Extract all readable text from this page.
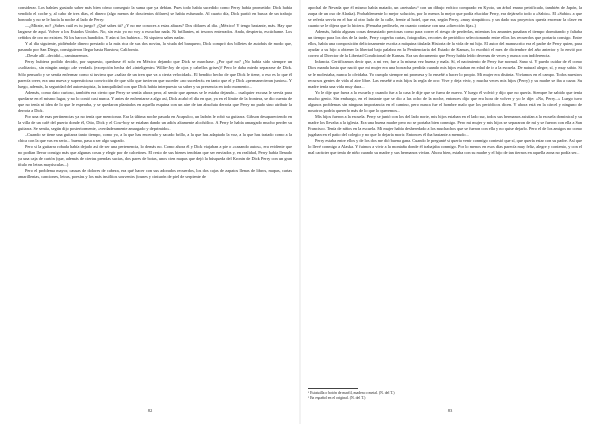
considerar. Los bahúes gustado saber más bien cómo conseguir la suma que ya debían. Pues todo había sucedido como Perry había prometido: Dick había vendido el coche y, al cabo de tres días, el dinero (algo menos de doscientos dólares) se había esfumado. Al cuarto día, Dick partió en busca de un trabajo honrado y no se le hacía la noche al lado de Perry:

—¿Mírate, no? ¿Sabes cuál es tu juego? ¿Qué sabes tú? ¿Y no me conoces a estas alturas? Dos dólares al día. ¡México! Y tengo bastante, más. Hay que largarse de aquí. Volver a los Estados Unidos. No, sin esto yo no voy a escuchar nada. Ni brillantes, ni tesoros enterrados. Anda, despierta, escúchame. Los ceñidos de oro no existen. Ni los barcos hundidos. Y aún si los hubiera... Ni siquiera sabes nadar.

Y al día siguiente, pidiéndole dinero prestado a la más rica de sus dos novias, la viuda del banquero, Dick compró dos billetes de autobús de modo que, pasando por San Diego, consiguieron llegar hasta Barstow, California.

–Desde allí –decidió–, caminaremos.

Perry hubiera podido decidir, por supuesto, quedarse él solo en México dejando que Dick se marchase. ¿Por qué no? ¿No había sido siempre un «solitario», sin ningún amigo «de verdad» (excepción hecha del «inteligente» Willie-Joy de ojos y cabellos grises)? Pero le daba miedo separarse de Dick. Sólo pensarlo y se sentía enfermar como si tuviera que «saltar de un tren que va a cierta velocidad». El bendito hecho de que Dick le tiene, o eso es lo que él parecía creer, era una nueva y supersticiosa convicción de que sólo que tuvieron que suceder «no sucederá» en tanto que el y Dick «permanecieran juntos». Y luego, además, la seguridad del autoestopista, la tranquilidad con que Dick había interpuesto su saber y su presencia en todo momento...

Además, como dato curioso, también era cierto que Perry se sentía ahora peor, al sentir que apenas se le estaba dejando... cualquier excusa le servía para quedarse en el mismo lugar, y no lo contó casi nunca. Y antes de enfrentarse a algo así, Dick acabó el día en que, ya en el límite de la frontera, se dio cuenta de que no tenía ni idea de lo que le esperaba, y se quedaron plantados en aquella esquina con un aire de tan absoluta derrota que Perry no pudo sino atribuir la derrota a Dick.

Por una de esas pertinencias ya no tenía que mencionar. Era la última noche pasada en Acapulco, un ladrón le robó su guitarra. Gibson desapareciendo en la villa de un café del puerto donde él, Otto, Dick y el Cow-boy se estaban dando un adiós altamente alcohólico. A Perry le había amargado mucho perder su guitarra. Se sentía, según dijo posteriormente, «verdaderamente amargado y deprimido».

–Cuando se tiene una guitarra tanto tiempo, como yo, a la que has encerado y sacado brillo, a la que has adaptado la voz, a la que has tratado como a la chica con la que vas en serio... bueno, pasa a ser algo sagrado.

Pero si la guitarra robada había dejado así de ser una pertenencia, lo demás no. Como ahora él y Dick viajaban a pie o «cazando autos», era evidente que no podían llevar consigo más que algunas cosas y elegir por de calcetines. El resto de sus bienes tendrían que ser enviados y, en realidad, Perry había llenado ya una caja de cartón (que, además de ciertas prendas sucias, dos pares de botas, unos cien mapas que dejó la búsqueda del Kronin de Dick Perry con un gran título en letras mayúsculas...)

Pero el problema mayor, causas de dolores de cabeza, era qué hacer con sus adorados recuerdos, los dos cajas de zapatos llenas de libros, mapas, cartas amarillentas, canciones, letras, poesías y los más insólitos souvenirs (trunes y cinturón de piel de serpiente de

82

apochal de Nevada que él mismo había matado, un «netsuke»¹ con un dibujo erótico comprado en Kyoto, un árbol enano petrificado, también de Japón, la zarpa de un oso de Alaska). Probablemente lo mejor solución, por lo menos la mejor que podía elucidar Perry, era dejárselo todo a «Sabio». El «Sabio» a que se refería servía en el bar al otro lado de la calle, frente al hotel, que era, según Perry, «muy simpático» y un dado sus proyectos quería encerrar la clave en cuanto se le dijera que lo hiciera. (Pensaba pedírselo, en cuanto contase con una «dirección fija».)

Además, había algunas cosas demasiado preciosas como para correr el riesgo de perderlas, mientras los amantes pasaban el tiempo dormitando y faltaba un tiempo para los dos de la tarde, Perry cogerba cartas, fotografías, recortes de periódico seleccionando entre ellos los recuerdos que portaría consigo. Entre ellos, había una composición deliciosamente escrita a máquina titulada Historia de la vida de mi hijo. El autor del manuscrito era el padre de Perry quien, para ayudar a su hijo a obtener la libertad bajo palabra en la Penitenciaría del Estado de Kansas, lo escribió el mes de diciembre del año anterior y lo envió por correo al Director de la Libertad Condicional de Kansas. Era un documento que Perry había leído decenas de veces y nunca con indiferencia.

Infancia. Certificamos decir que, a mi ver, fue a la misma vez buena y mala. Sí, el nacimiento de Perry fue normal. Sano sí. Y puedo cuidar de él como Dios manda hasta que nació que mi mujer era una borracha perdida cuando mis hijos estaban en edad de ir a la escuela. De natural alegre, sí, y muy sabio. Si se le molestaba, nunca lo olvidaba. Yo cumplo siempre mi promesa y lo enseñé a hacer lo propio. Mi mujer era distinta. Vivíamos en el campo. Todos nuestros recursos gentes de vida al aire libre. Las enseñé a mis hijos la regla de oro: Vive y deja vivir, y mucha veces mis hijos (Perry) y su madre se iba a cazar. Su madre tenía una vida muy dura...

Yo le dije que fuera a la escuela y cuando fue a la casa le dije que se fuera de nuevo. Y luego él volvió y dijo que no quería. Siempre he sabido que tenía mucho genio. Sin embargo, en el instante que se dio a las ocho de la noche, entonces dijo que era hora de volver y yo le dije: «No, Perry...» Luego tuvo algunos problemas sin ninguna importancia en el camino, pero nunca fue el hombre malo que los periódicos dicen. Y ahora está en la cárcel y ninguno de nosotros podría quererlo más de lo que lo queremos...

Mis hijos fueron a la escuela. Perry se juntó con los del lado norte, mis hijos estaban en el lado sur, todos sus hermanos asistían a la escuela dominical y su madre los llevaba a la iglesia. Era una buena madre pero no se portaba bien conmigo. Pero mi mujer y mis hijos se separaron de mí y se fueron con ella a San Francisco. Tenía de niños en la escuela. Mi mujer había desheredado a los muchachos que se fueron con ella y no quise dejarlo. Pero el de los amigos no como jugaban en el patio del colegio y no que lo dejaría morir. Entonces él iba bastante a menudo...

Perry estaba entre ellos y de los dos me dió buena gana. Cuando le pregunté si quería venir conmigo contestó que sí, que quería estar con su padre. Así que lo llevé conmigo a Alaska. Y fuimos a vivir a la montaña donde él trabajaba conmigo. Por lo menos en esos días parecía muy feliz, alegre y contento, y con el mal carácter que tenía de niño cuando su madre y sus hermanos vivían. Ahora bien, estaba con su madre y el hijo de tan tiernos en aquella zona no podía ser...

¹ Estatuilla o botón de marfil, madera o metal. (N. del T.)

² En español en el original. (N. del T.)

83
